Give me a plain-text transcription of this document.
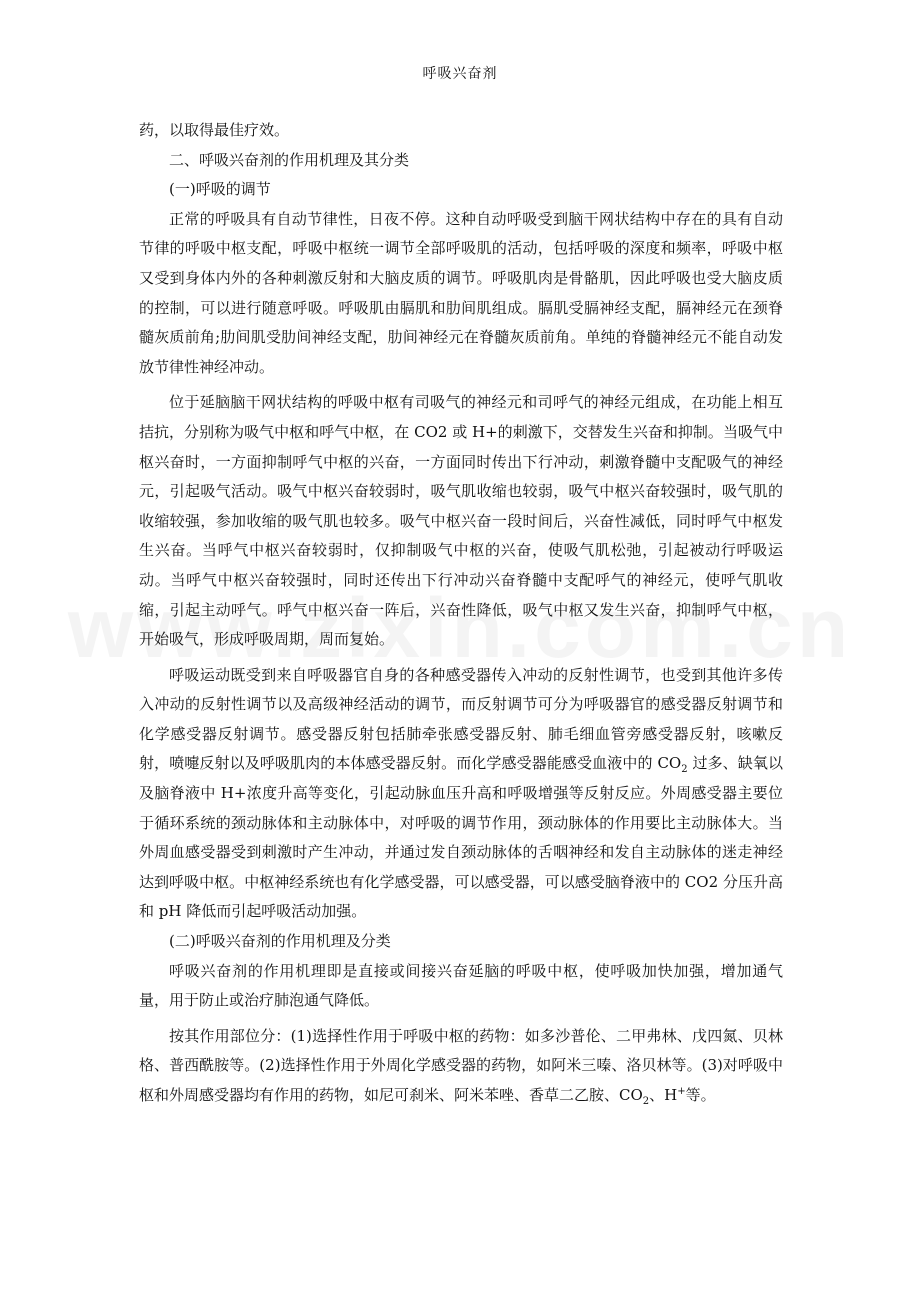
呼吸兴奋剂

药，以取得最佳疗效。

二、呼吸兴奋剂的作用机理及其分类

(一)呼吸的调节

正常的呼吸具有自动节律性，日夜不停。这种自动呼吸受到脑干网状结构中存在的具有自动节律的呼吸中枢支配，呼吸中枢统一调节全部呼吸肌的活动，包括呼吸的深度和频率，呼吸中枢又受到身体内外的各种刺激反射和大脑皮质的调节。呼吸肌肉是骨骼肌，因此呼吸也受大脑皮质的控制，可以进行随意呼吸。呼吸肌由膈肌和肋间肌组成。膈肌受膈神经支配，膈神经元在颈脊髓灰质前角;肋间肌受肋间神经支配，肋间神经元在脊髓灰质前角。单纯的脊髓神经元不能自动发放节律性神经冲动。

位于延脑脑干网状结构的呼吸中枢有司吸气的神经元和司呼气的神经元组成，在功能上相互拮抗，分别称为吸气中枢和呼气中枢，在 CO2 或 H+的刺激下，交替发生兴奋和抑制。当吸气中枢兴奋时，一方面抑制呼气中枢的兴奋，一方面同时传出下行冲动，刺激脊髓中支配吸气的神经元，引起吸气活动。吸气中枢兴奋较弱时，吸气肌收缩也较弱，吸气中枢兴奋较强时，吸气肌的收缩较强，参加收缩的吸气肌也较多。吸气中枢兴奋一段时间后，兴奋性减低，同时呼气中枢发生兴奋。当呼气中枢兴奋较弱时，仅抑制吸气中枢的兴奋，使吸气肌松弛，引起被动行呼吸运动。当呼气中枢兴奋较强时，同时还传出下行冲动兴奋脊髓中支配呼气的神经元，使呼气肌收缩，引起主动呼气。呼气中枢兴奋一阵后，兴奋性降低，吸气中枢又发生兴奋，抑制呼气中枢，开始吸气，形成呼吸周期，周而复始。

呼吸运动既受到来自呼吸器官自身的各种感受器传入冲动的反射性调节，也受到其他许多传入冲动的反射性调节以及高级神经活动的调节，而反射调节可分为呼吸器官的感受器反射调节和化学感受器反射调节。感受器反射包括肺牵张感受器反射、肺毛细血管旁感受器反射，咳嗽反射，喷嚏反射以及呼吸肌肉的本体感受器反射。而化学感受器能感受血液中的 $CO_2$ 过多、缺氧以及脑脊液中 H+浓度升高等变化，引起动脉血压升高和呼吸增强等反射反应。外周感受器主要位于循环系统的颈动脉体和主动脉体中，对呼吸的调节作用，颈动脉体的作用要比主动脉体大。当外周血感受器受到刺激时产生冲动，并通过发自颈动脉体的舌咽神经和发自主动脉体的迷走神经达到呼吸中枢。中枢神经系统也有化学感受器，可以感受器，可以感受脑脊液中的 CO2 分压升高和 pH 降低而引起呼吸活动加强。

(二)呼吸兴奋剂的作用机理及分类

呼吸兴奋剂的作用机理即是直接或间接兴奋延脑的呼吸中枢，使呼吸加快加强，增加通气量，用于防止或治疗肺泡通气降低。

按其作用部位分：(1)选择性作用于呼吸中枢的药物：如多沙普伦、二甲弗林、戊四氮、贝林格、普西酰胺等。(2)选择性作用于外周化学感受器的药物，如阿米三嗪、洛贝林等。(3)对呼吸中枢和外周感受器均有作用的药物，如尼可刹米、阿米苯唑、香草二乙胺、$CO_2$、H+等。
